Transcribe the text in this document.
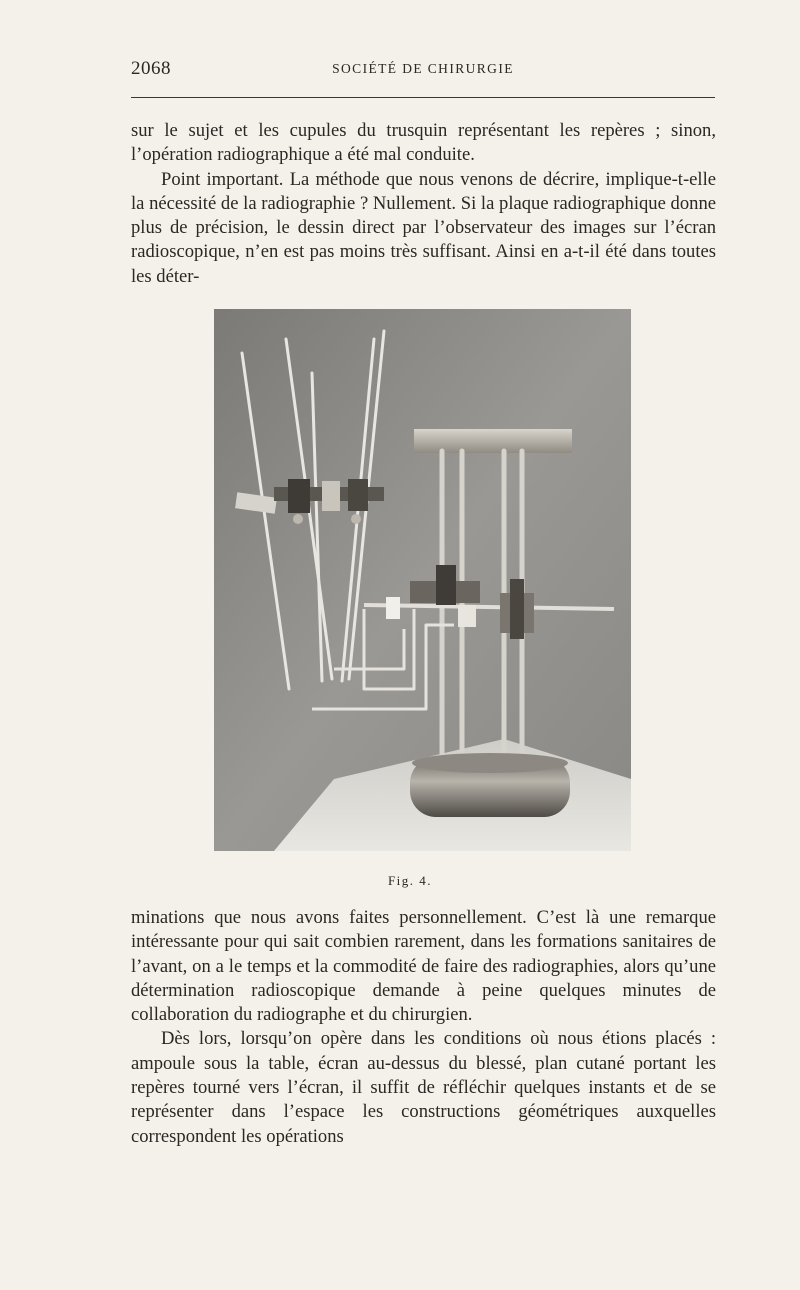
2068	SOCIÉTÉ DE CHIRURGIE

sur le sujet et les cupules du trusquin représentant les repères ; sinon, l’opération radiographique a été mal conduite.

Point important. La méthode que nous venons de décrire, implique-t-elle la nécessité de la radiographie ? Nullement. Si la plaque radiographique donne plus de précision, le dessin direct par l’observateur des images sur l’écran radioscopique, n’en est pas moins très suffisant. Ainsi en a-t-il été dans toutes les déter-

Fig. 4.

minations que nous avons faites personnellement. C’est là une remarque intéressante pour qui sait combien rarement, dans les formations sanitaires de l’avant, on a le temps et la commodité de faire des radiographies, alors qu’une détermination radioscopique demande à peine quelques minutes de collaboration du radiographe et du chirurgien.

Dès lors, lorsqu’on opère dans les conditions où nous étions placés : ampoule sous la table, écran au-dessus du blessé, plan cutané portant les repères tourné vers l’écran, il suffit de réfléchir quelques instants et de se représenter dans l’espace les constructions géométriques auxquelles correspondent les opérations
